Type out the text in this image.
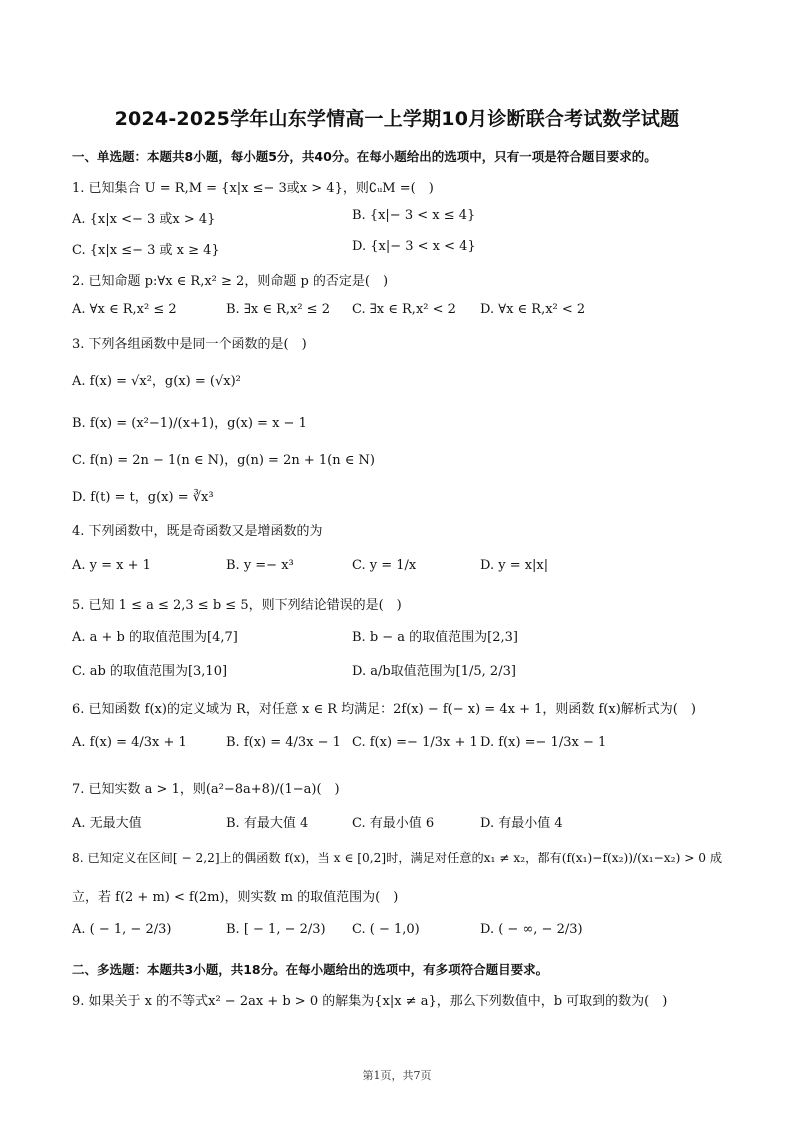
2024-2025学年山东学情高一上学期10月诊断联合考试数学试题
一、单选题：本题共8小题，每小题5分，共40分。在每小题给出的选项中，只有一项是符合题目要求的。
1. 已知集合 U = R,M = {x|x ≤− 3或x > 4}，则∁ᵤM =(　)
A. {x|x <− 3 或x > 4}	B. {x|− 3 < x ≤ 4}
C. {x|x ≤− 3 或 x ≥ 4}	D. {x|− 3 < x < 4}
2. 已知命题 p:∀x ∈ R,x² ≥ 2，则命题 p 的否定是(　)
A. ∀x ∈ R,x² ≤ 2	B. ∃x ∈ R,x² ≤ 2 C. ∃x ∈ R,x² < 2 D. ∀x ∈ R,x² < 2
3. 下列各组函数中是同一个函数的是(　)
A. f(x) = √x²，g(x) = (√x)²
B. f(x) = (x²−1)/(x+1)，g(x) = x − 1
C. f(n) = 2n − 1(n ∈ N)，g(n) = 2n + 1(n ∈ N)
D. f(t) = t，g(x) = ∛x³
4. 下列函数中，既是奇函数又是增函数的为
A. y = x + 1	B. y =− x³	C. y = 1/x	D. y = x|x|
5. 已知 1 ≤ a ≤ 2,3 ≤ b ≤ 5，则下列结论错误的是(　)
A. a + b 的取值范围为[4,7]	B. b − a 的取值范围为[2,3]
C. ab 的取值范围为[3,10]	D. a/b取值范围为[1/5, 2/3]
6. 已知函数 f(x)的定义域为 R，对任意 x ∈ R 均满足：2f(x) − f(− x) = 4x + 1，则函数 f(x)解析式为(　)
A. f(x) = 4/3x + 1	B. f(x) = 4/3x − 1 C. f(x) =− 1/3x + 1 D. f(x) =− 1/3x − 1
7. 已知实数 a > 1，则(a²−8a+8)/(1−a)(　)
A. 无最大值	B. 有最大值 4	C. 有最小值 6	D. 有最小值 4
8. 已知定义在区间[ − 2,2]上的偶函数 f(x)，当 x ∈ [0,2]时，满足对任意的x₁ ≠ x₂，都有(f(x₁)−f(x₂))/(x₁−x₂) > 0 成
立，若 f(2 + m) < f(2m)，则实数 m 的取值范围为(　)
A. ( − 1, − 2/3)	B. [ − 1, − 2/3) C. ( − 1,0)	D. ( − ∞, − 2/3)
二、多选题：本题共3小题，共18分。在每小题给出的选项中，有多项符合题目要求。
9. 如果关于 x 的不等式x² − 2ax + b > 0 的解集为{x|x ≠ a}，那么下列数值中，b 可取到的数为(　)
第1页，共7页
